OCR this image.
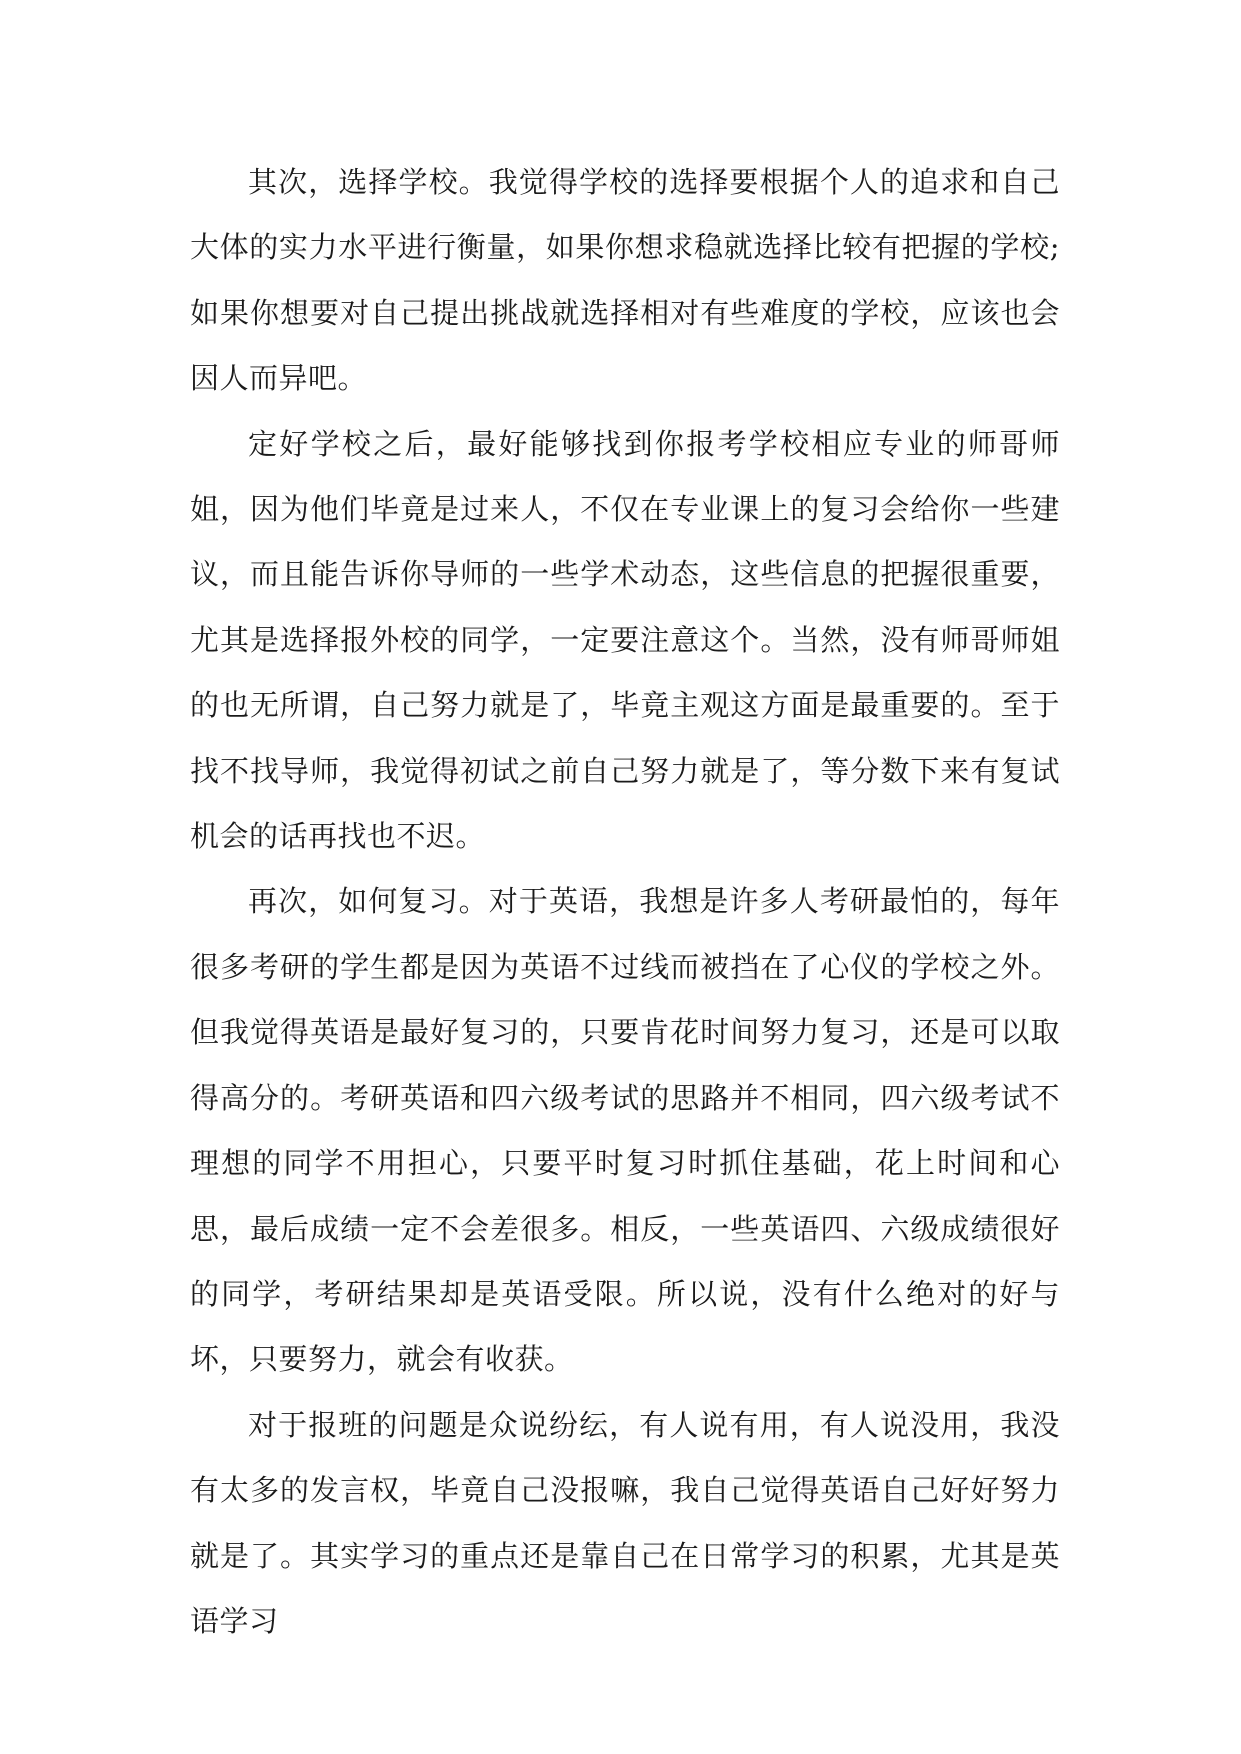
其次，选择学校。我觉得学校的选择要根据个人的追求和自己大体的实力水平进行衡量，如果你想求稳就选择比较有把握的学校;如果你想要对自己提出挑战就选择相对有些难度的学校，应该也会因人而异吧。

定好学校之后，最好能够找到你报考学校相应专业的师哥师姐，因为他们毕竟是过来人，不仅在专业课上的复习会给你一些建议，而且能告诉你导师的一些学术动态，这些信息的把握很重要，尤其是选择报外校的同学，一定要注意这个。当然，没有师哥师姐的也无所谓，自己努力就是了，毕竟主观这方面是最重要的。至于找不找导师，我觉得初试之前自己努力就是了，等分数下来有复试机会的话再找也不迟。

再次，如何复习。对于英语，我想是许多人考研最怕的，每年很多考研的学生都是因为英语不过线而被挡在了心仪的学校之外。但我觉得英语是最好复习的，只要肯花时间努力复习，还是可以取得高分的。考研英语和四六级考试的思路并不相同，四六级考试不理想的同学不用担心，只要平时复习时抓住基础，花上时间和心思，最后成绩一定不会差很多。相反，一些英语四、六级成绩很好的同学，考研结果却是英语受限。所以说，没有什么绝对的好与坏，只要努力，就会有收获。

对于报班的问题是众说纷纭，有人说有用，有人说没用，我没有太多的发言权，毕竟自己没报嘛，我自己觉得英语自己好好努力就是了。其实学习的重点还是靠自己在日常学习的积累，尤其是英语学习
